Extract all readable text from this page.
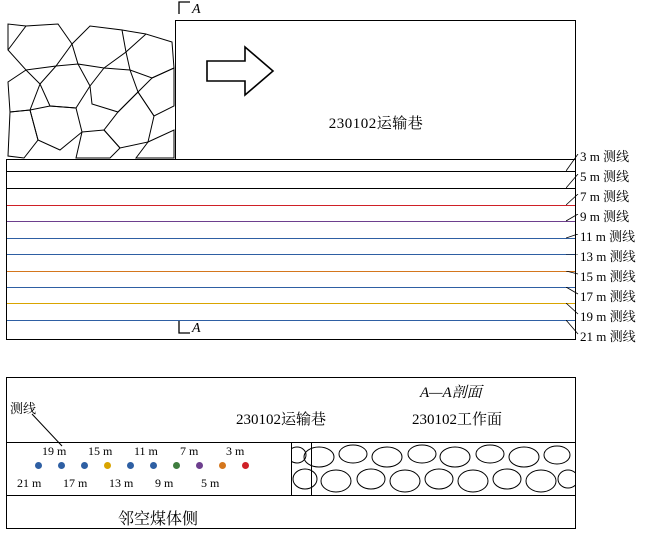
230102运输巷
A
A
3 m 测线
5 m 测线
7 m 测线
9 m 测线
11 m 测线
13 m 测线
15 m 测线
17 m 测线
19 m 测线
21 m 测线
测线
230102运输巷
A—A剖面
230102工作面
邻空煤体侧
19 m 15 m 11 m 7 m 3 m
21 m 17 m 13 m 9 m 5 m
